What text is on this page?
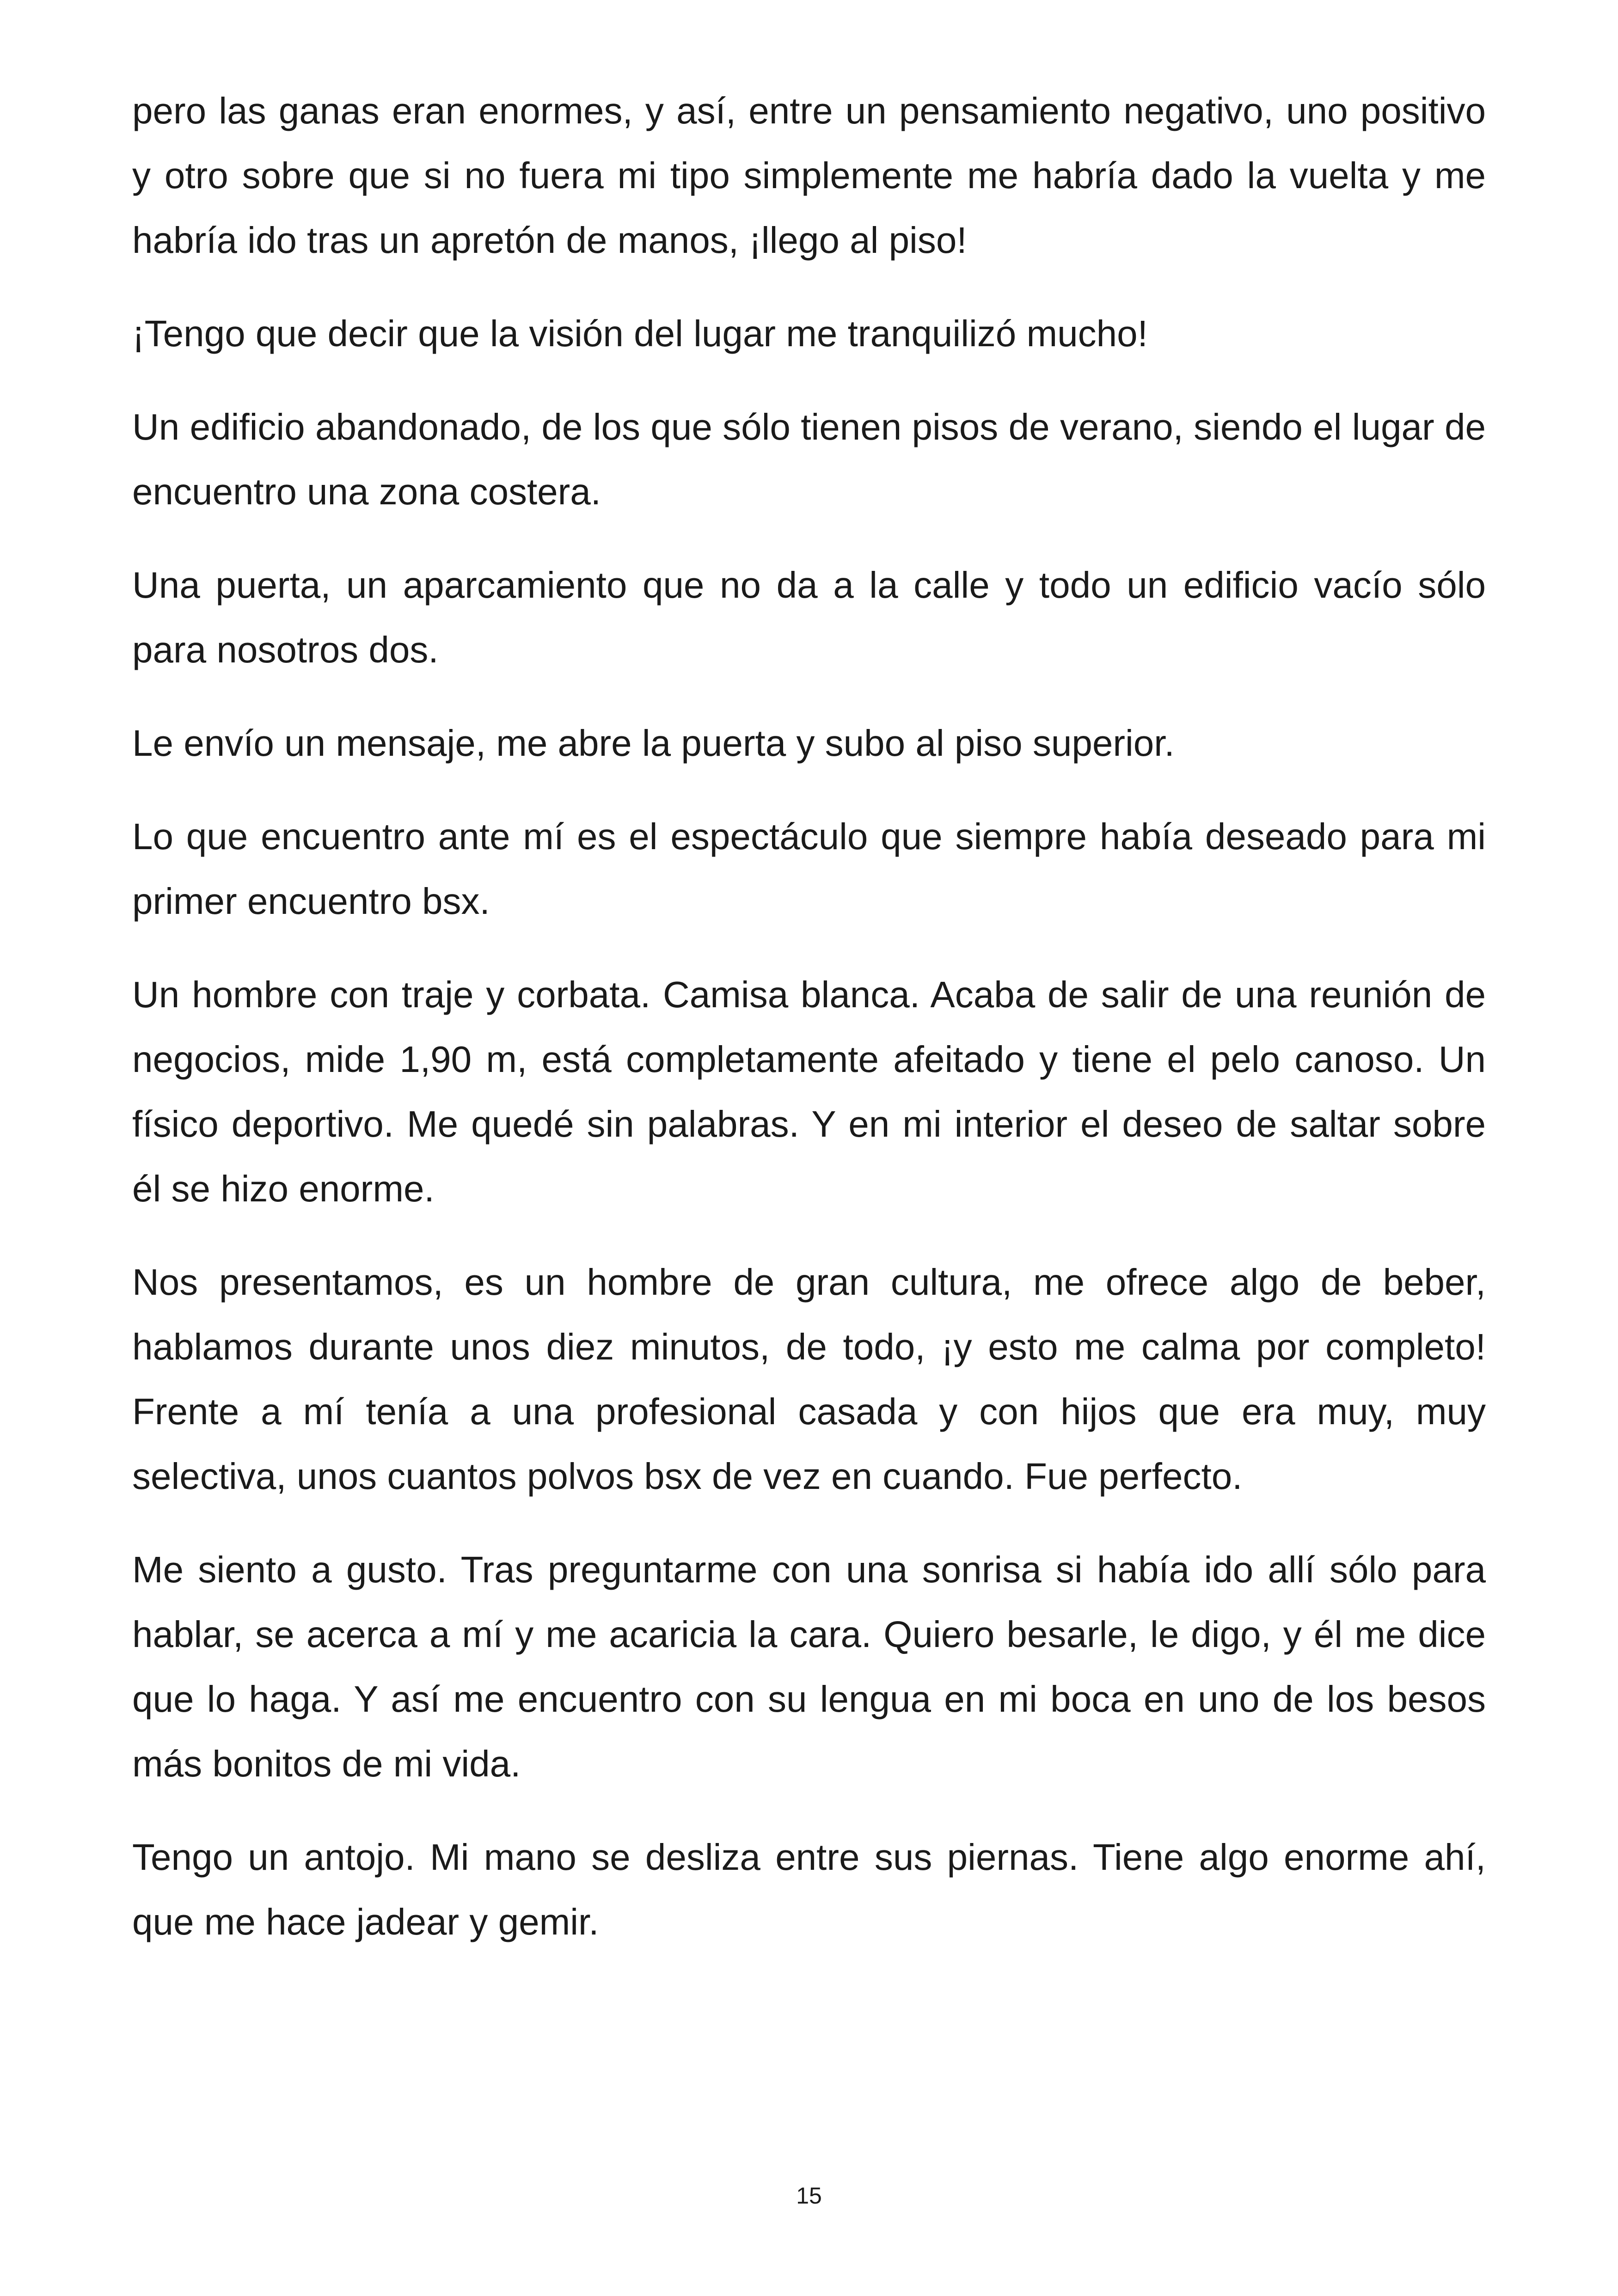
pero las ganas eran enormes, y así, entre un pensamiento negativo, uno positivo y otro sobre que si no fuera mi tipo simplemente me habría dado la vuelta y me habría ido tras un apretón de manos, ¡llego al piso!

¡Tengo que decir que la visión del lugar me tranquilizó mucho!

Un edificio abandonado, de los que sólo tienen pisos de verano, siendo el lugar de encuentro una zona costera.

Una puerta, un aparcamiento que no da a la calle y todo un edificio vacío sólo para nosotros dos.

Le envío un mensaje, me abre la puerta y subo al piso superior.

Lo que encuentro ante mí es el espectáculo que siempre había deseado para mi primer encuentro bsx.

Un hombre con traje y corbata. Camisa blanca. Acaba de salir de una reunión de negocios, mide 1,90 m, está completamente afeitado y tiene el pelo canoso. Un físico deportivo. Me quedé sin palabras. Y en mi interior el deseo de saltar sobre él se hizo enorme.

Nos presentamos, es un hombre de gran cultura, me ofrece algo de beber, hablamos durante unos diez minutos, de todo, ¡y esto me calma por completo! Frente a mí tenía a una profesional casada y con hijos que era muy, muy selectiva, unos cuantos polvos bsx de vez en cuando. Fue perfecto.

Me siento a gusto. Tras preguntarme con una sonrisa si había ido allí sólo para hablar, se acerca a mí y me acaricia la cara. Quiero besarle, le digo, y él me dice que lo haga. Y así me encuentro con su lengua en mi boca en uno de los besos más bonitos de mi vida.

Tengo un antojo. Mi mano se desliza entre sus piernas. Tiene algo enorme ahí, que me hace jadear y gemir.

15
